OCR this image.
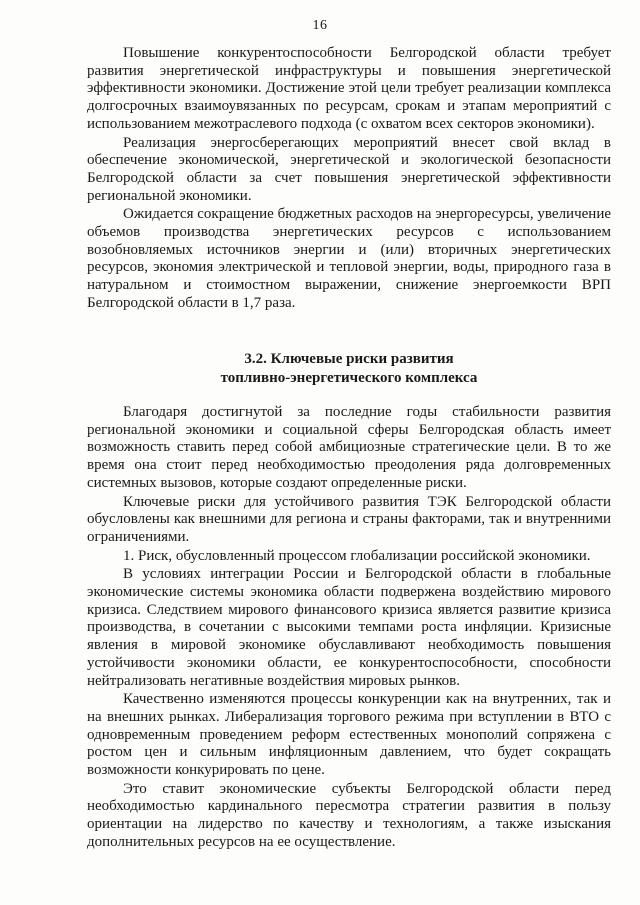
16

Повышение конкурентоспособности Белгородской области требует развития энергетической инфраструктуры и повышения энергетической эффективности экономики. Достижение этой цели требует реализации комплекса долгосрочных взаимоувязанных по ресурсам, срокам и этапам мероприятий с использованием межотраслевого подхода (с охватом всех секторов экономики).

Реализация энергосберегающих мероприятий внесет свой вклад в обеспечение экономической, энергетической и экологической безопасности Белгородской области за счет повышения энергетической эффективности региональной экономики.

Ожидается сокращение бюджетных расходов на энергоресурсы, увеличение объемов производства энергетических ресурсов с использованием возобновляемых источников энергии и (или) вторичных энергетических ресурсов, экономия электрической и тепловой энергии, воды, природного газа в натуральном и стоимостном выражении, снижение энергоемкости ВРП Белгородской области в 1,7 раза.

3.2. Ключевые риски развития
топливно-энергетического комплекса

Благодаря достигнутой за последние годы стабильности развития региональной экономики и социальной сферы Белгородская область имеет возможность ставить перед собой амбициозные стратегические цели. В то же время она стоит перед необходимостью преодоления ряда долговременных системных вызовов, которые создают определенные риски.

Ключевые риски для устойчивого развития ТЭК Белгородской области обусловлены как внешними для региона и страны факторами, так и внутренними ограничениями.

1. Риск, обусловленный процессом глобализации российской экономики.

В условиях интеграции России и Белгородской области в глобальные экономические системы экономика области подвержена воздействию мирового кризиса. Следствием мирового финансового кризиса является развитие кризиса производства, в сочетании с высокими темпами роста инфляции. Кризисные явления в мировой экономике обуславливают необходимость повышения устойчивости экономики области, ее конкурентоспособности, способности нейтрализовать негативные воздействия мировых рынков.

Качественно изменяются процессы конкуренции как на внутренних, так и на внешних рынках. Либерализация торгового режима при вступлении в ВТО с одновременным проведением реформ естественных монополий сопряжена с ростом цен и сильным инфляционным давлением, что будет сокращать возможности конкурировать по цене.

Это ставит экономические субъекты Белгородской области перед необходимостью кардинального пересмотра стратегии развития в пользу ориентации на лидерство по качеству и технологиям, а также изыскания дополнительных ресурсов на ее осуществление.
